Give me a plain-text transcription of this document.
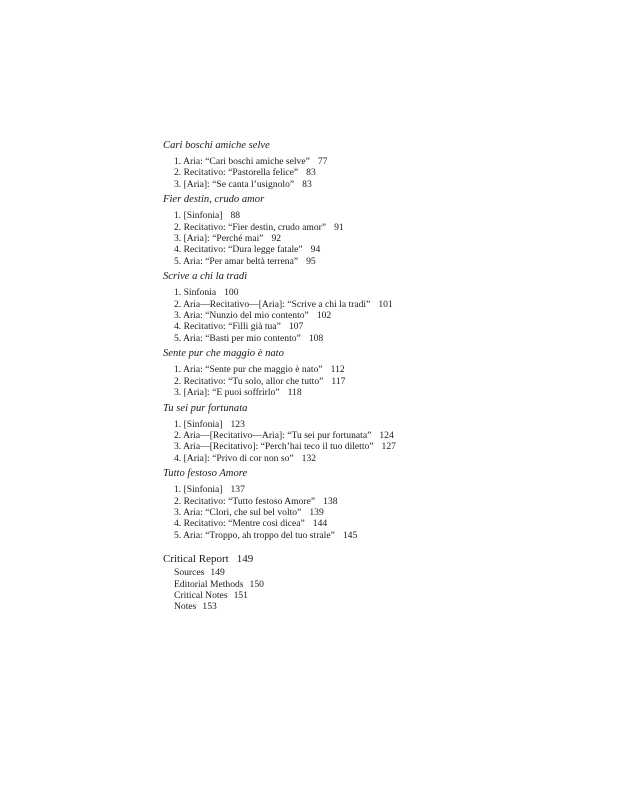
Cari boschi amiche selve
1. Aria: “Cari boschi amiche selve” 77
2. Recitativo: “Pastorella felice” 83
3. [Aria]: “Se canta l’usignolo” 83
Fier destin, crudo amor
1. [Sinfonia] 88
2. Recitativo: “Fier destin, crudo amor” 91
3. [Aria]: “Perché mai” 92
4. Recitativo: “Dura legge fatale” 94
5. Aria: “Per amar beltà terrena” 95
Scrive a chi la tradì
1. Sinfonia 100
2. Aria—Recitativo—[Aria]: “Scrive a chi la tradì” 101
3. Aria: “Nunzio del mio contento” 102
4. Recitativo: “Filli già tua” 107
5. Aria: “Basti per mio contento” 108
Sente pur che maggio è nato
1. Aria: “Sente pur che maggio è nato” 112
2. Recitativo: “Tu solo, allor che tutto” 117
3. [Aria]: “E puoi soffrirlo” 118
Tu sei pur fortunata
1. [Sinfonia] 123
2. Aria—[Recitativo—Aria]: “Tu sei pur fortunata” 124
3. Aria—[Recitativo]: “Perch’hai teco il tuo diletto” 127
4. [Aria]: “Privo di cor non so” 132
Tutto festoso Amore
1. [Sinfonia] 137
2. Recitativo: “Tutto festoso Amore” 138
3. Aria: “Clori, che sul bel volto” 139
4. Recitativo: “Mentre così dicea” 144
5. Aria: “Troppo, ah troppo del tuo strale” 145
Critical Report 149
Sources 149
Editorial Methods 150
Critical Notes 151
Notes 153
